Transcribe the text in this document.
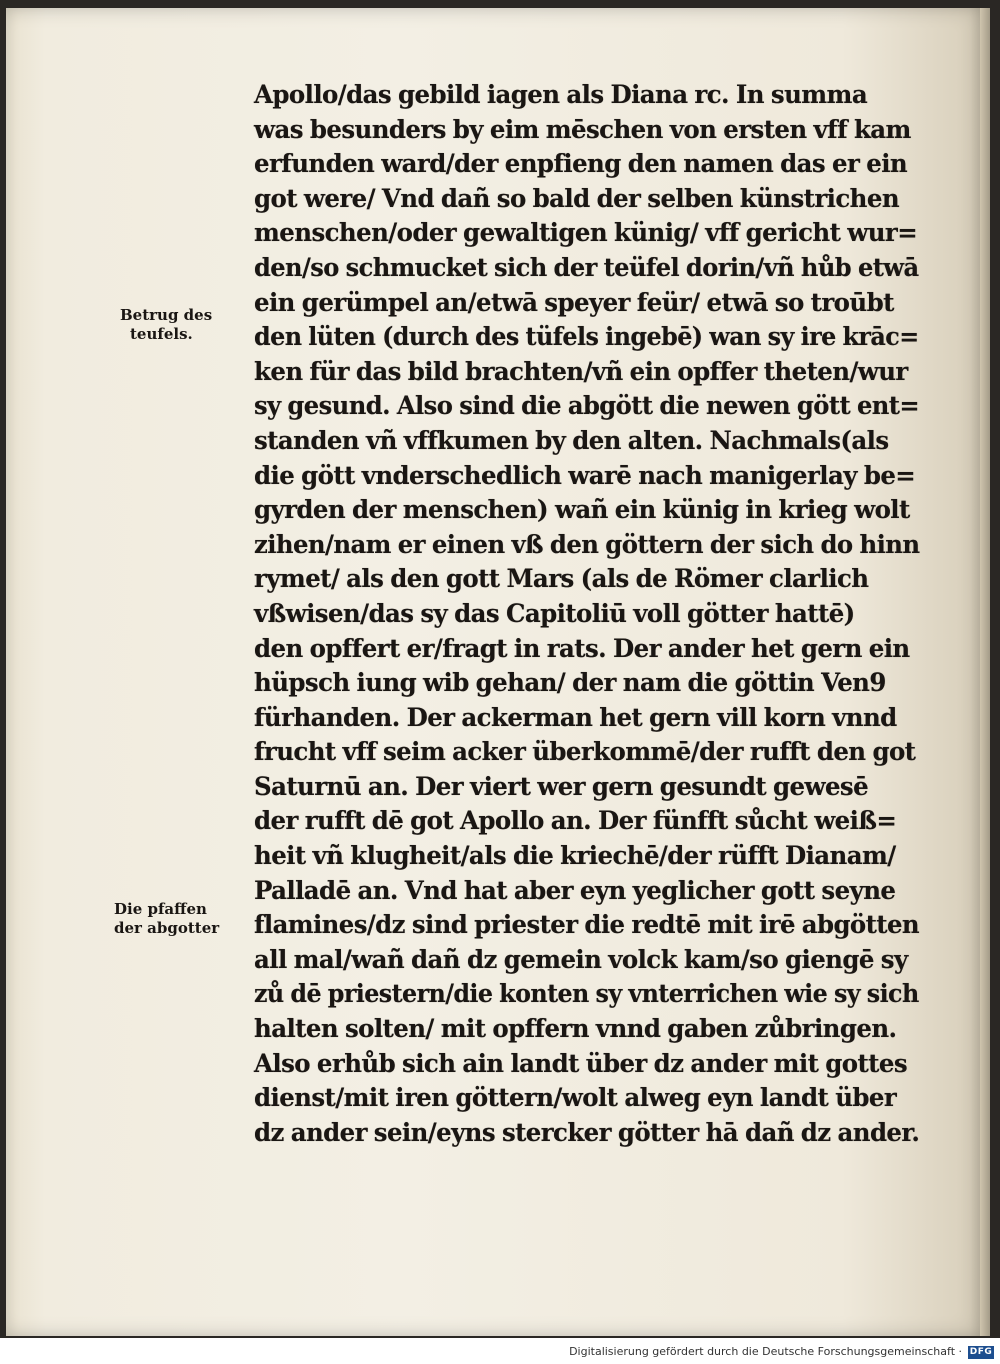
Apollo/das gebild iagen als Diana rc. In summa
was besunders by eim mēschen von ersten vff kam
erfunden ward/der enpfieng den namen das er ein
got were/ Vnd dañ so bald der selben künstrichen
menschen/oder gewaltigen künig/ vff gericht wur=
den/so schmucket sich der teüfel dorin/vñ hůb etwā
ein gerümpel an/etwā speyer feür/ etwā so troūbt
den lüten (durch des tüfels ingebē) wan sy ire krāc=
ken für das bild brachten/vñ ein opffer theten/wur
sy gesund. Also sind die abgött die newen gött ent=
standen vñ vffkumen by den alten. Nachmals(als
die gött vnderschedlich warē nach manigerlay be=
gyrden der menschen) wañ ein künig in krieg wolt
zihen/nam er einen vß den göttern der sich do hinn
rymet/ als den gott Mars (als de Römer clarlich
vßwisen/das sy das Capitoliū voll götter hattē)
den opffert er/fragt in rats. Der ander het gern ein
hüpsch iung wib gehan/ der nam die göttin Ven9
fürhanden. Der ackerman het gern vill korn vnnd
frucht vff seim acker überkommē/der rufft den got
Saturnū an. Der viert wer gern gesundt gewesē
der rufft dē got Apollo an. Der fünfft sůcht weiß=
heit vñ klugheit/als die kriechē/der rüfft Dianam/
Palladē an. Vnd hat aber eyn yeglicher gott seyne
flamines/dz sind priester die redtē mit irē abgötten
all mal/wañ dañ dz gemein volck kam/so giengē sy
zů dē priestern/die konten sy vnterrichen wie sy sich
halten solten/ mit opffern vnnd gaben zůbringen.
Also erhůb sich ain landt über dz ander mit gottes
dienst/mit iren göttern/wolt alweg eyn landt über
dz ander sein/eyns stercker götter hā dañ dz ander.
Betrug des
teufels.
Die pfaffen
der abgotter
Digitalisierung gefördert durch die Deutsche Forschungsgemeinschaft · DFG
